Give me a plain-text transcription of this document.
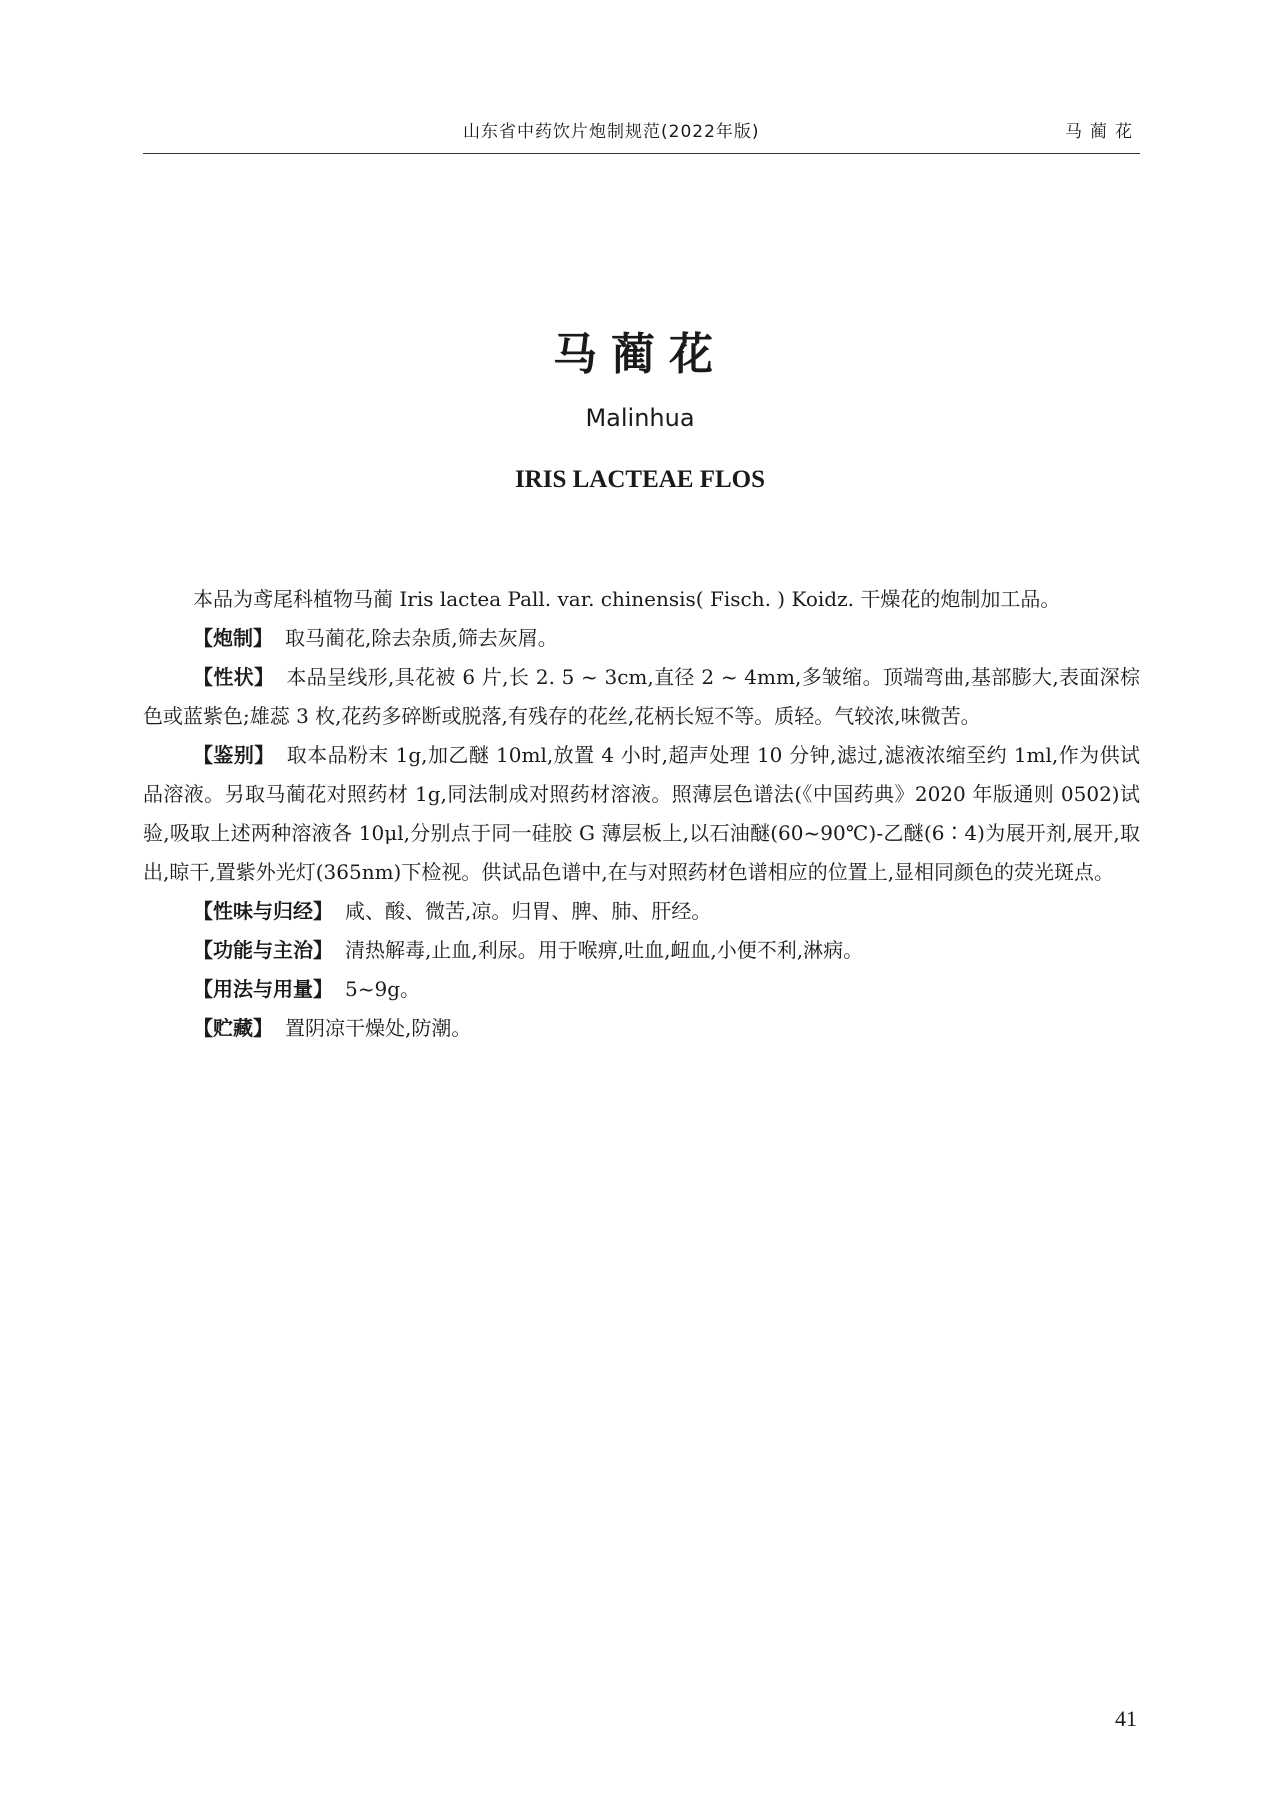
山东省中药饮片炮制规范(2022年版)	马蔺花
马蔺花
Malinhua
IRIS LACTEAE FLOS

本品为鸢尾科植物马蔺 Iris lactea Pall. var. chinensis( Fisch. ) Koidz. 干燥花的炮制加工品。

【炮制】 取马蔺花,除去杂质,筛去灰屑。

【性状】 本品呈线形,具花被 6 片,长 2. 5 ~ 3cm,直径 2 ~ 4mm,多皱缩。顶端弯曲,基部膨大,表面深棕色或蓝紫色;雄蕊 3 枚,花药多碎断或脱落,有残存的花丝,花柄长短不等。质轻。气较浓,味微苦。

【鉴别】 取本品粉末 1g,加乙醚 10ml,放置 4 小时,超声处理 10 分钟,滤过,滤液浓缩至约 1ml,作为供试品溶液。另取马蔺花对照药材 1g,同法制成对照药材溶液。照薄层色谱法(《中国药典》2020 年版通则 0502)试验,吸取上述两种溶液各 10μl,分别点于同一硅胶 G 薄层板上,以石油醚(60~90℃)-乙醚(6∶4)为展开剂,展开,取出,晾干,置紫外光灯(365nm)下检视。供试品色谱中,在与对照药材色谱相应的位置上,显相同颜色的荧光斑点。

【性味与归经】 咸、酸、微苦,凉。归胃、脾、肺、肝经。

【功能与主治】 清热解毒,止血,利尿。用于喉痹,吐血,衄血,小便不利,淋病。

【用法与用量】 5~9g。

【贮藏】 置阴凉干燥处,防潮。

41
